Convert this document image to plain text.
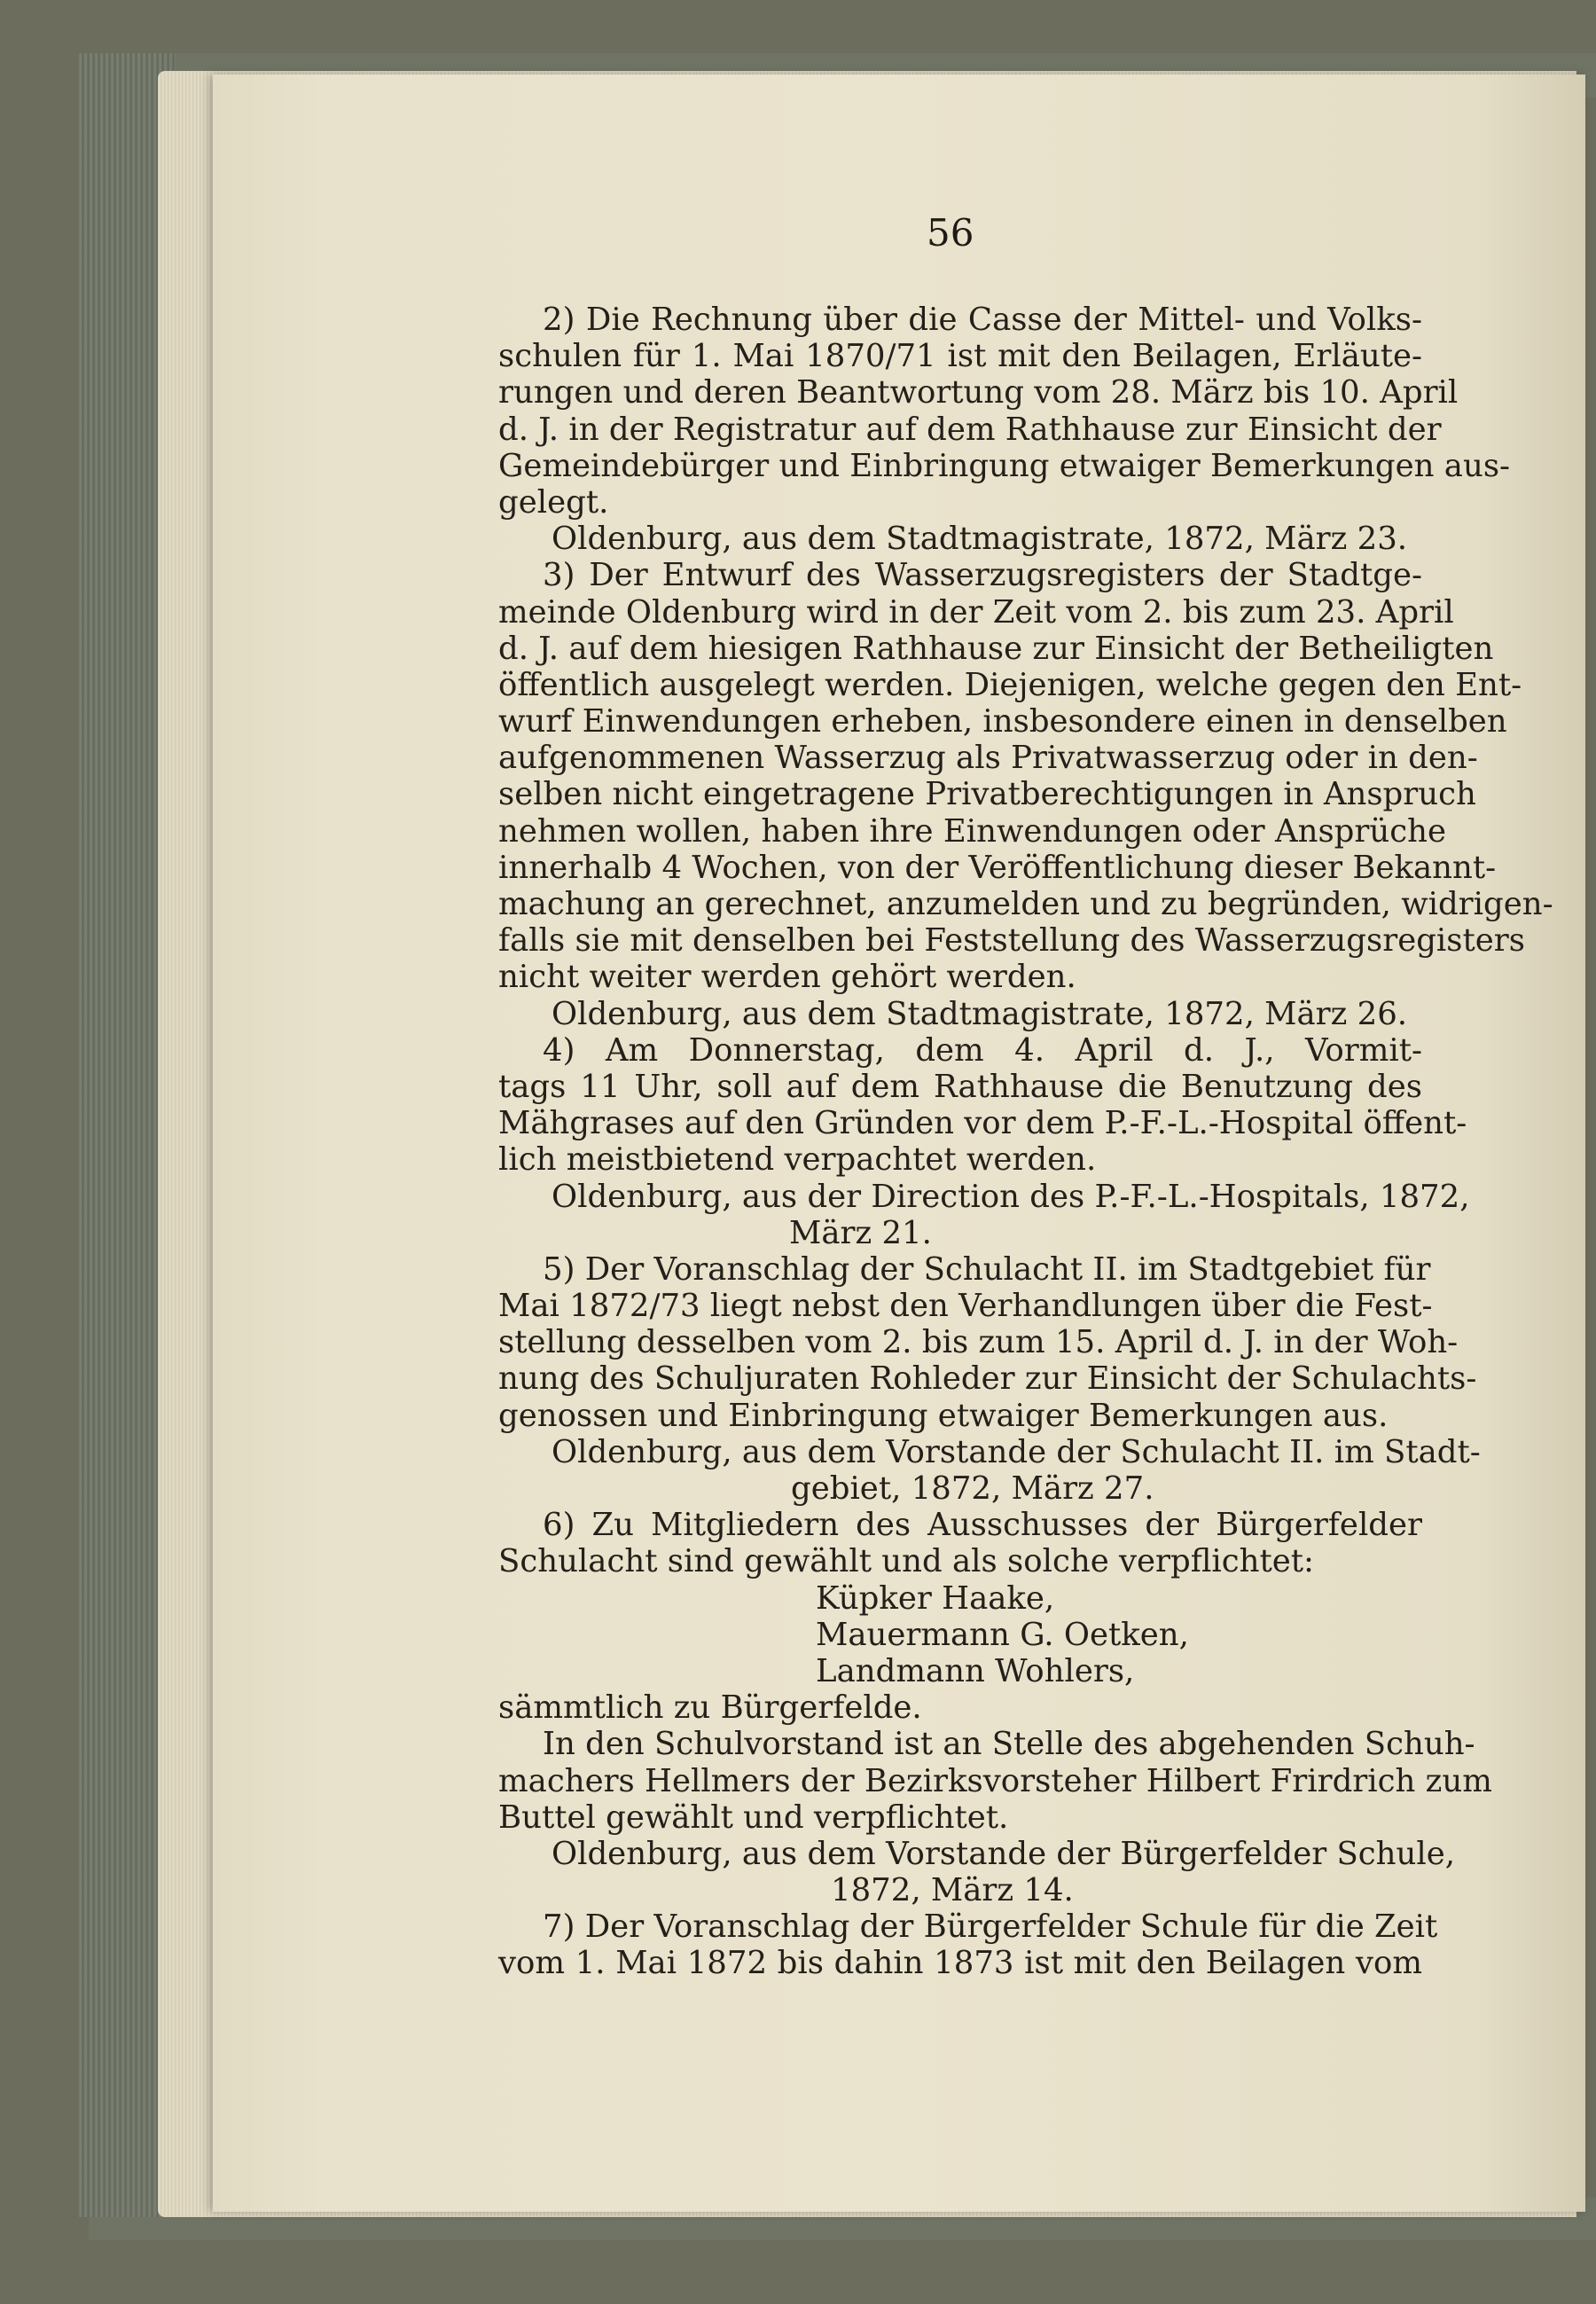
56
2) Die Rechnung über die Casse der Mittel- und Volks-
schulen für 1. Mai 1870/71 ist mit den Beilagen, Erläute-
rungen und deren Beantwortung vom 28. März bis 10. April
d. J. in der Registratur auf dem Rathhause zur Einsicht der
Gemeindebürger und Einbringung etwaiger Bemerkungen aus-
gelegt.
Oldenburg, aus dem Stadtmagistrate, 1872, März 23.
3) Der Entwurf des Wasserzugsregisters der Stadtge-
meinde Oldenburg wird in der Zeit vom 2. bis zum 23. April
d. J. auf dem hiesigen Rathhause zur Einsicht der Betheiligten
öffentlich ausgelegt werden. Diejenigen, welche gegen den Ent-
wurf Einwendungen erheben, insbesondere einen in denselben
aufgenommenen Wasserzug als Privatwasserzug oder in den-
selben nicht eingetragene Privatberechtigungen in Anspruch
nehmen wollen, haben ihre Einwendungen oder Ansprüche
innerhalb 4 Wochen, von der Veröffentlichung dieser Bekannt-
machung an gerechnet, anzumelden und zu begründen, widrigen-
falls sie mit denselben bei Feststellung des Wasserzugsregisters
nicht weiter werden gehört werden.
Oldenburg, aus dem Stadtmagistrate, 1872, März 26.
4) Am Donnerstag, dem 4. April d. J., Vormit-
tags 11 Uhr, soll auf dem Rathhause die Benutzung des
Mähgrases auf den Gründen vor dem P.-F.-L.-Hospital öffent-
lich meistbietend verpachtet werden.
Oldenburg, aus der Direction des P.-F.-L.-Hospitals, 1872,
März 21.
5) Der Voranschlag der Schulacht II. im Stadtgebiet für
Mai 1872/73 liegt nebst den Verhandlungen über die Fest-
stellung desselben vom 2. bis zum 15. April d. J. in der Woh-
nung des Schuljuraten Rohleder zur Einsicht der Schulachts-
genossen und Einbringung etwaiger Bemerkungen aus.
Oldenburg, aus dem Vorstande der Schulacht II. im Stadt-
gebiet, 1872, März 27.
6) Zu Mitgliedern des Ausschusses der Bürgerfelder
Schulacht sind gewählt und als solche verpflichtet:
Küpker Haake,
Mauermann G. Oetken,
Landmann Wohlers,
sämmtlich zu Bürgerfelde.
In den Schulvorstand ist an Stelle des abgehenden Schuh-
machers Hellmers der Bezirksvorsteher Hilbert Frirdrich zum
Buttel gewählt und verpflichtet.
Oldenburg, aus dem Vorstande der Bürgerfelder Schule,
1872, März 14.
7) Der Voranschlag der Bürgerfelder Schule für die Zeit
vom 1. Mai 1872 bis dahin 1873 ist mit den Beilagen vom
